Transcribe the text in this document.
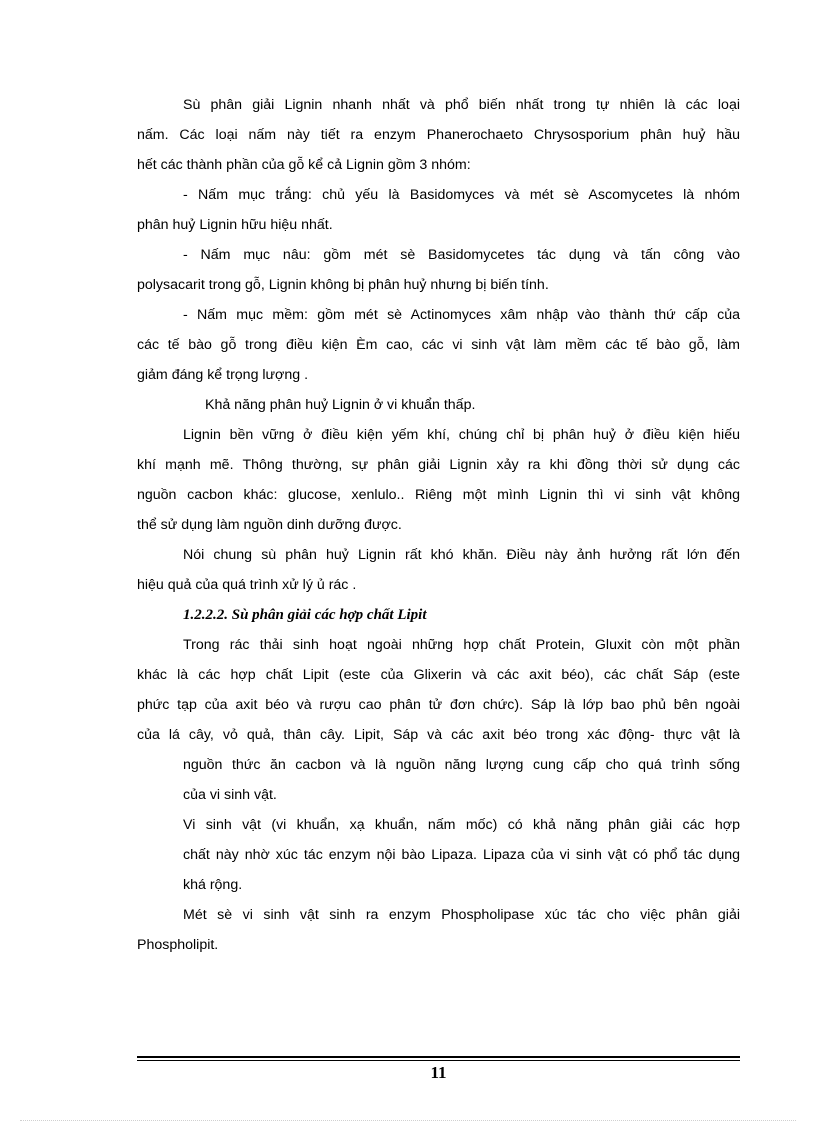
Sù phân giải Lignin nhanh nhất và phổ biến nhất trong tự nhiên là các loại
nấm. Các loại nấm này tiết ra enzym Phanerochaeto Chrysosporium phân huỷ hầu
hết các thành phần của gỗ kể cả Lignin gồm 3 nhóm:
- Nấm mục trắng: chủ yếu là Basidomyces và mét sè Ascomycetes là nhóm
phân huỷ Lignin hữu hiệu nhất.
- Nấm mục nâu: gồm mét sè Basidomycetes tác dụng và tấn công vào
polysacarit trong gỗ, Lignin không bị phân huỷ nhưng bị biến tính.
- Nấm mục mềm: gồm mét sè Actinomyces xâm nhập vào thành thứ cấp của
các tế bào gỗ trong điều kiện Èm cao, các vi sinh vật làm mềm các tế bào gỗ, làm
giảm đáng kể trọng lượng .
Khả năng phân huỷ Lignin ở vi khuẩn thấp.
Lignin bền vững ở điều kiện yếm khí, chúng chỉ bị phân huỷ ở điều kiện hiếu
khí mạnh mẽ. Thông thường, sự phân giải Lignin xảy ra khi đồng thời sử dụng các
nguồn cacbon khác: glucose, xenlulo.. Riêng một mình Lignin thì vi sinh vật không
thể sử dụng làm nguồn dinh dưỡng được.
Nói chung sù phân huỷ Lignin rất khó khăn. Điều này ảnh hưởng rất lớn đến
hiệu quả của quá trình xử lý ủ rác .
1.2.2.2. Sù phân giải các hợp chất Lipit
Trong rác thải sinh hoạt ngoài những hợp chất Protein, Gluxit còn một phần
khác là các hợp chất Lipit (este của Glixerin và các axit béo), các chất Sáp (este
phức tạp của axit béo và rượu cao phân tử đơn chức). Sáp là lớp bao phủ bên ngoài
của lá cây, vỏ quả, thân cây. Lipit, Sáp và các axit béo trong xác động- thực vật là
nguồn thức ăn cacbon và là nguồn năng lượng cung cấp cho quá trình sống
của vi sinh vật.
Vi sinh vật (vi khuẩn, xạ khuẩn, nấm mốc) có khả năng phân giải các hợp
chất này nhờ xúc tác enzym nội bào Lipaza. Lipaza của vi sinh vật có phổ tác dụng
khá rộng.
Mét sè vi sinh vật sinh ra enzym Phospholipase xúc tác cho việc phân giải
Phospholipit.
11
